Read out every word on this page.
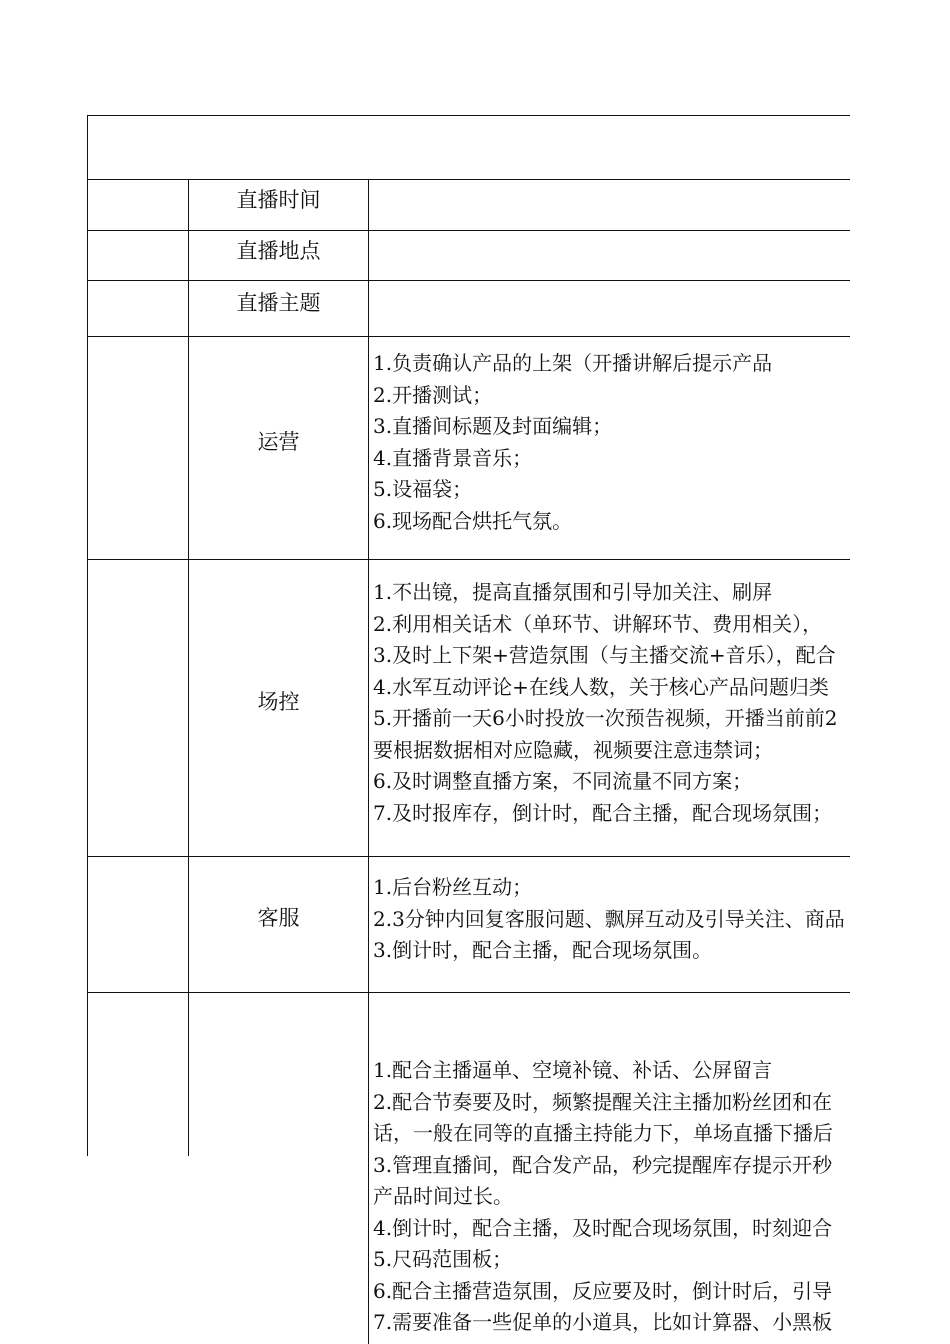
直播时间
直播地点
直播主题
运营
场控
客服
1.负责确认产品的上架（开播讲解后提示产品
2.开播测试；
3.直播间标题及封面编辑；
4.直播背景音乐；
5.设福袋；
6.现场配合烘托气氛。
1.不出镜，提高直播氛围和引导加关注、刷屏
2.利用相关话术（单环节、讲解环节、费用相关），
3.及时上下架+营造氛围（与主播交流+音乐），配合
4.水军互动评论+在线人数，关于核心产品问题归类
5.开播前一天6小时投放一次预告视频，开播当前前2
要根据数据相对应隐藏，视频要注意违禁词；
6.及时调整直播方案，不同流量不同方案；
7.及时报库存，倒计时，配合主播，配合现场氛围；
1.后台粉丝互动；
2.3分钟内回复客服问题、飘屏互动及引导关注、商品
3.倒计时，配合主播，配合现场氛围。
1.配合主播逼单、空境补镜、补话、公屏留言
2.配合节奏要及时，频繁提醒关注主播加粉丝团和在
话，一般在同等的直播主持能力下，单场直播下播后
3.管理直播间，配合发产品，秒完提醒库存提示开秒
产品时间过长。
4.倒计时，配合主播，及时配合现场氛围，时刻迎合
5.尺码范围板；
6.配合主播营造氛围，反应要及时，倒计时后，引导
7.需要准备一些促单的小道具，比如计算器、小黑板
